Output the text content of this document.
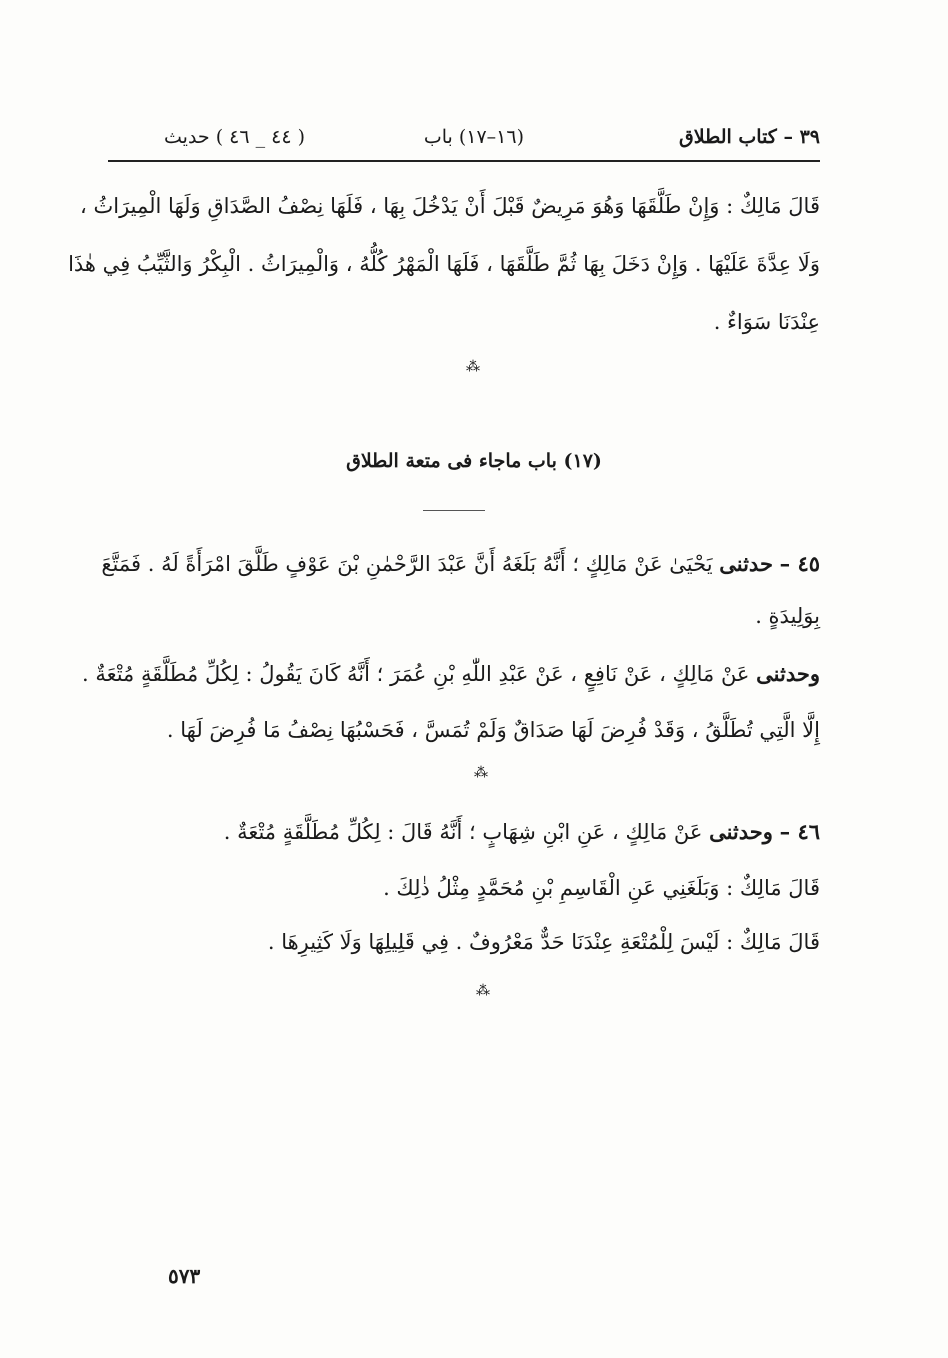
٣٩ – كتاب الطلاق
(١٦–١٧) باب
( ٤٤ _ ٤٦ ) حديث
قَالَ مَالِكٌ : وَإِنْ طَلَّقَهَا وَهُوَ مَرِيضٌ قَبْلَ أَنْ يَدْخُلَ بِهَا ، فَلَهَا نِصْفُ الصَّدَاقِ وَلَهَا الْمِيرَاثُ ،
وَلَا عِدَّةَ عَلَيْهَا . وَإِنْ دَخَلَ بِهَا ثُمَّ طَلَّقَهَا ، فَلَهَا الْمَهْرُ كُلُّهُ ، وَالْمِيرَاثُ . الْبِكْرُ وَالثَّيِّبُ فِي هٰذَا
عِنْدَنَا سَوَاءٌ .
⁂
(١٧) باب ماجاء فى متعة الطلاق
٤٥ – حدثنى يَحْيَىٰ عَنْ مَالِكٍ ؛ أَنَّهُ بَلَغَهُ أَنَّ عَبْدَ الرَّحْمٰنِ بْنَ عَوْفٍ طَلَّقَ امْرَأَةً لَهُ . فَمَتَّعَ
بِوَلِيدَةٍ .
وحدثنى عَنْ مَالِكٍ ، عَنْ نَافِعٍ ، عَنْ عَبْدِ اللّٰهِ بْنِ عُمَرَ ؛ أَنَّهُ كَانَ يَقُولُ : لِكُلِّ مُطَلَّقَةٍ مُتْعَةٌ .
إِلَّا الَّتِي تُطَلَّقُ ، وَقَدْ فُرِضَ لَهَا صَدَاقٌ وَلَمْ تُمَسَّ ، فَحَسْبُهَا نِصْفُ مَا فُرِضَ لَهَا .
⁂
٤٦ – وحدثنى عَنْ مَالِكٍ ، عَنِ ابْنِ شِهَابٍ ؛ أَنَّهُ قَالَ : لِكُلِّ مُطَلَّقَةٍ مُتْعَةٌ .
قَالَ مَالِكٌ : وَبَلَغَنِي عَنِ الْقَاسِمِ بْنِ مُحَمَّدٍ مِثْلُ ذٰلِكَ .
قَالَ مَالِكٌ : لَيْسَ لِلْمُتْعَةِ عِنْدَنَا حَدٌّ مَعْرُوفٌ . فِي قَلِيلِهَا وَلَا كَثِيرِهَا .
⁂
٥٧٣
